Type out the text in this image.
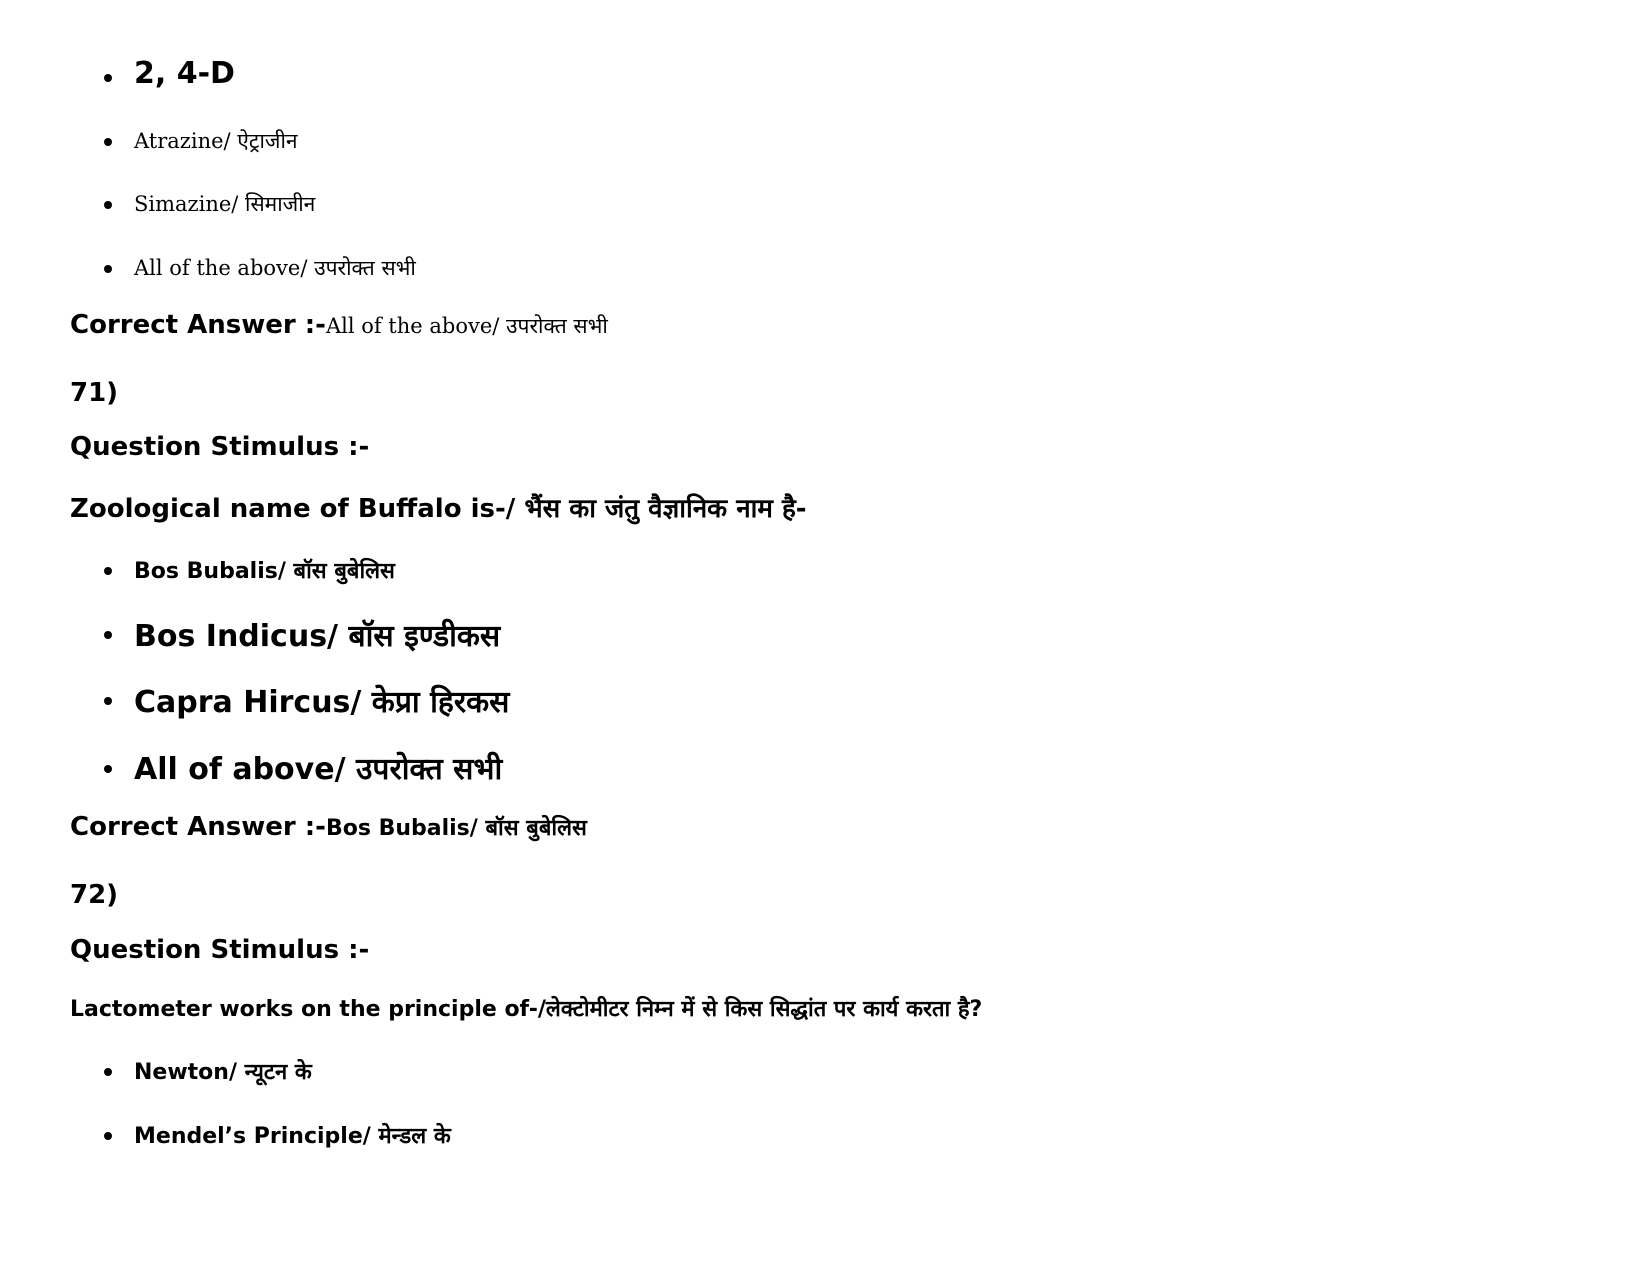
2, 4-D
Atrazine/ ऐट्राजीन
Simazine/ सिमाजीन
All of the above/ उपरोक्त सभी
Correct Answer :-All of the above/ उपरोक्त सभी
71)
Question Stimulus :-
Zoological name of Buffalo is-/ भैंस का जंतु वैज्ञानिक नाम है-
Bos Bubalis/ बॉस बुबेलिस
Bos Indicus/ बॉस इण्डीकस
Capra Hircus/ केप्रा हिरकस
All of above/ उपरोक्त सभी
Correct Answer :-Bos Bubalis/ बॉस बुबेलिस
72)
Question Stimulus :-
Lactometer works on the principle of-/लेक्टोमीटर निम्न में से किस सिद्धांत पर कार्य करता है?
Newton/ न्यूटन के
Mendel’s Principle/ मेन्डल के
